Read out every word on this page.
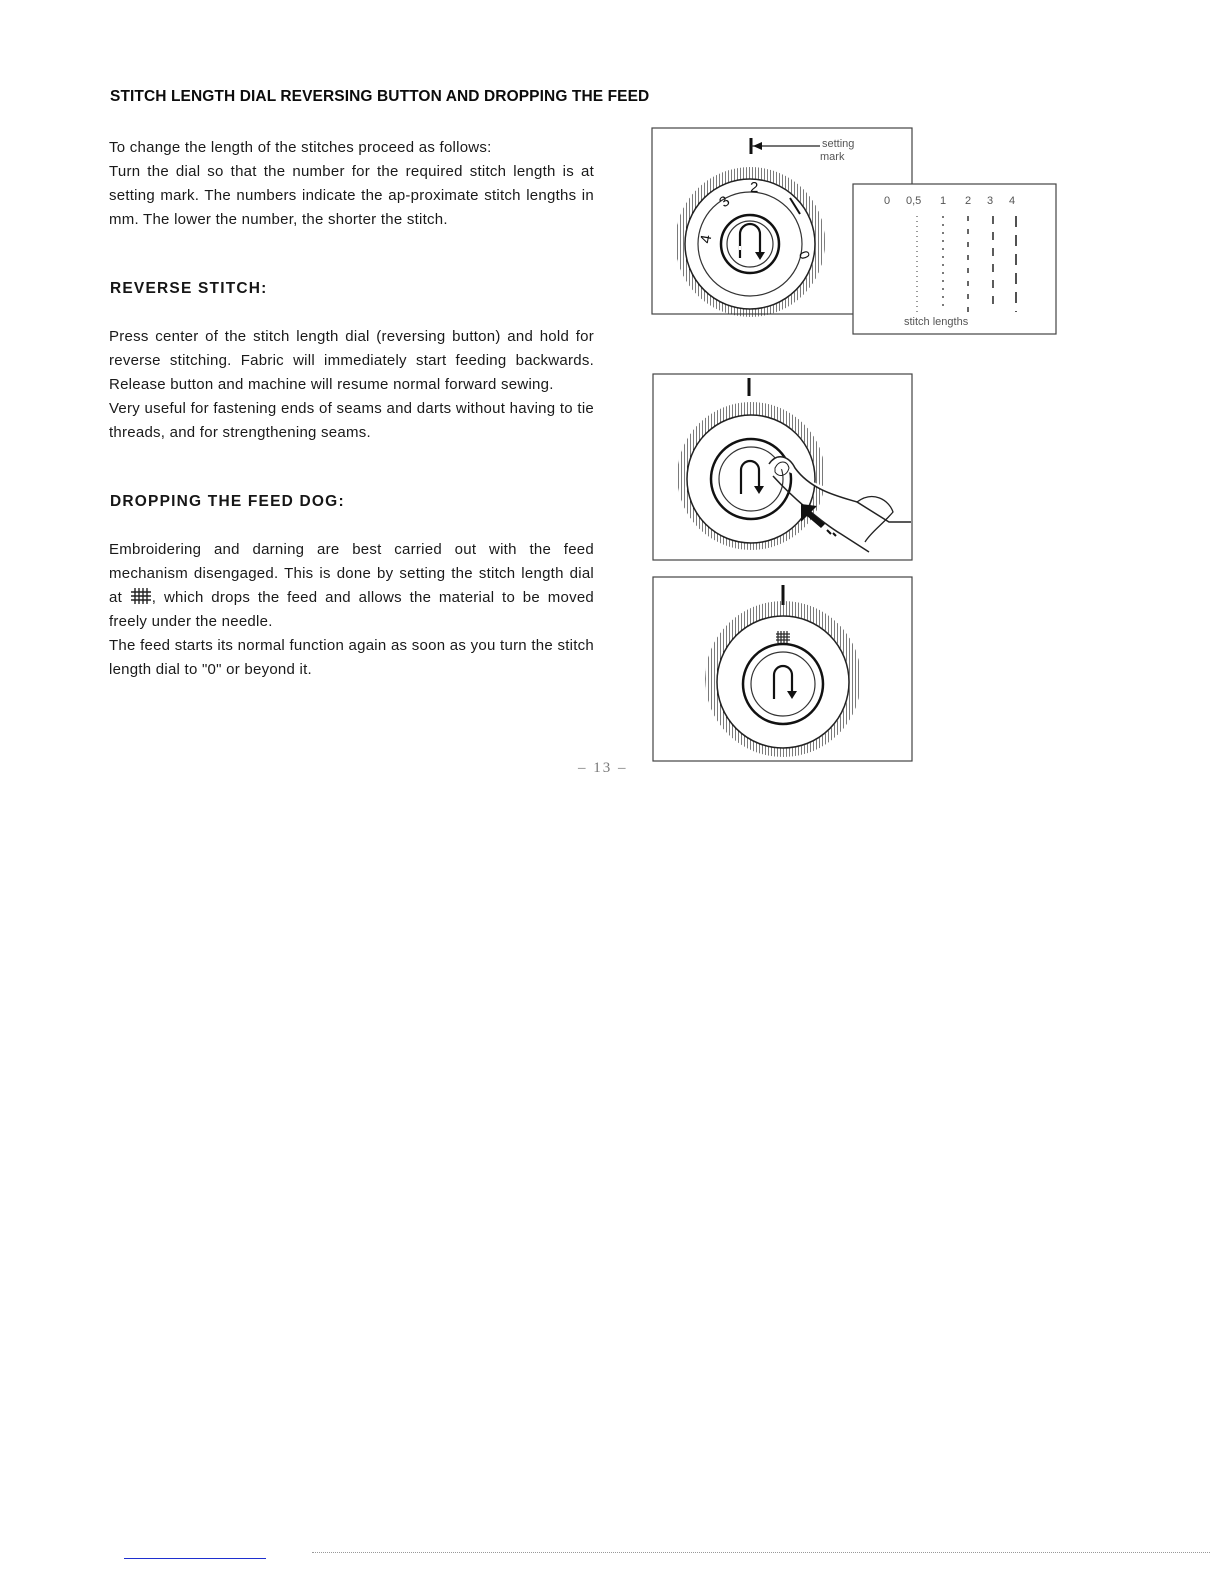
STITCH LENGTH DIAL REVERSING BUTTON AND DROPPING THE FEED

To change the length of the stitches proceed as follows:

Turn the dial so that the number for the required stitch length is at setting mark. The numbers indicate the ap-proximate stitch lengths in mm. The lower the number, the shorter the stitch.

REVERSE STITCH:

Press center of the stitch length dial (reversing button) and hold for reverse stitching. Fabric will immediately start feeding backwards. Release button and machine will resume normal forward sewing.

Very useful for fastening ends of seams and darts without having to tie threads, and for strengthening seams.

DROPPING THE FEED DOG:

Embroidering and darning are best carried out with the feed mechanism disengaged. This is done by setting the stitch length dial at , which drops the feed and allows the material to be moved freely under the needle.

The feed starts its normal function again as soon as you turn the stitch length dial to "0" or beyond it.

setting
mark
2
3
4
0
0 0,5 1 2 3 4
stitch lengths
– 13 –
